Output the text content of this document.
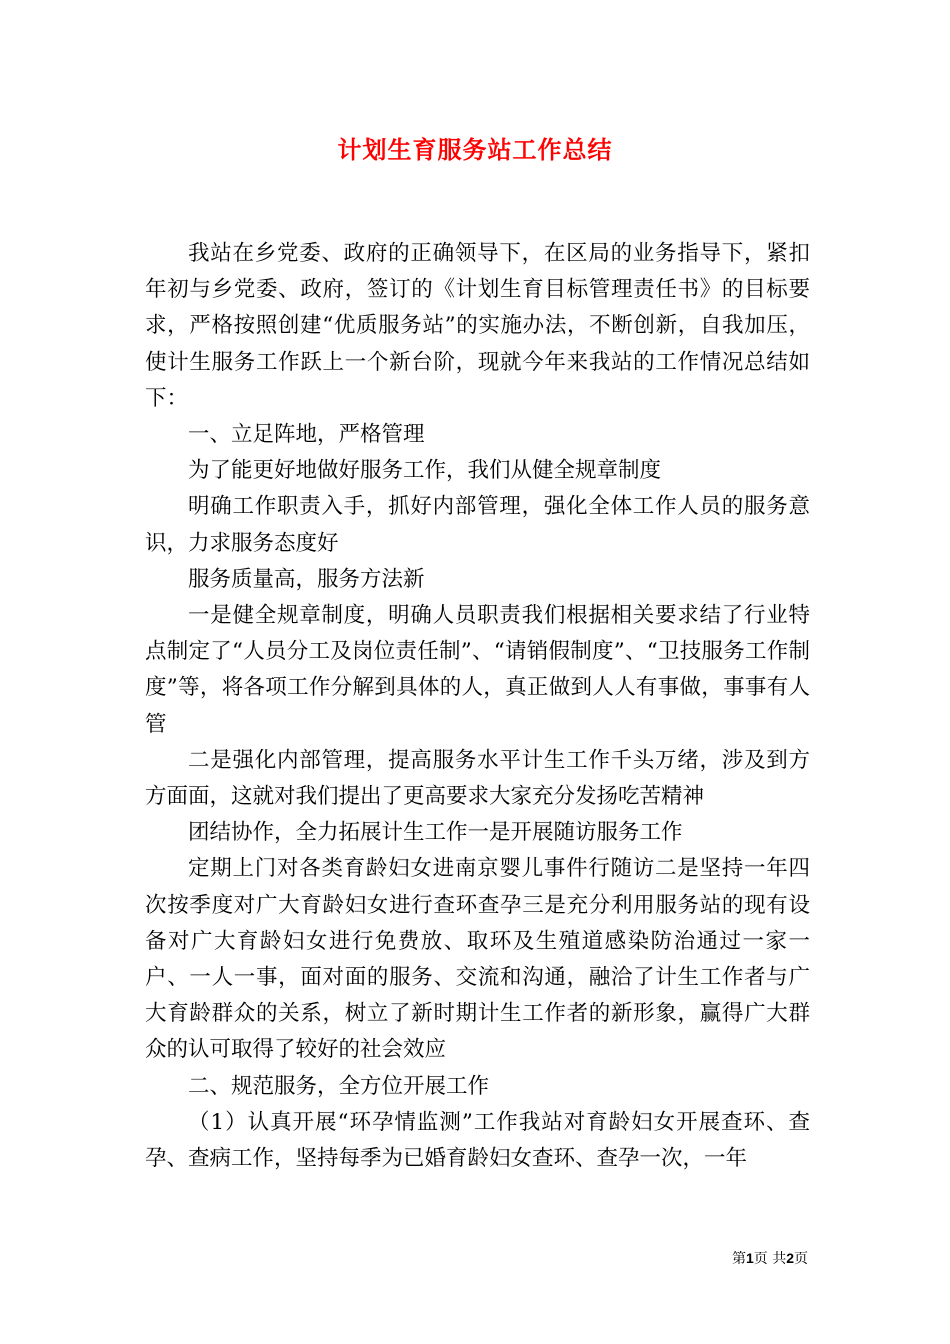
计划生育服务站工作总结

我站在乡党委、政府的正确领导下，在区局的业务指导下，紧扣年初与乡党委、政府，签订的《计划生育目标管理责任书》的目标要求，严格按照创建“优质服务站”的实施办法，不断创新，自我加压，使计生服务工作跃上一个新台阶，现就今年来我站的工作情况总结如下：

一、立足阵地，严格管理

为了能更好地做好服务工作，我们从健全规章制度

明确工作职责入手，抓好内部管理，强化全体工作人员的服务意识，力求服务态度好

服务质量高，服务方法新

一是健全规章制度，明确人员职责我们根据相关要求结了行业特点制定了“人员分工及岗位责任制”、“请销假制度”、“卫技服务工作制度”等，将各项工作分解到具体的人，真正做到人人有事做，事事有人管

二是强化内部管理，提高服务水平计生工作千头万绪，涉及到方方面面，这就对我们提出了更高要求大家充分发扬吃苦精神

团结协作，全力拓展计生工作一是开展随访服务工作

定期上门对各类育龄妇女进南京婴儿事件行随访二是坚持一年四次按季度对广大育龄妇女进行查环查孕三是充分利用服务站的现有设备对广大育龄妇女进行免费放、取环及生殖道感染防治通过一家一户、一人一事，面对面的服务、交流和沟通，融洽了计生工作者与广大育龄群众的关系，树立了新时期计生工作者的新形象，赢得广大群众的认可取得了较好的社会效应

二、规范服务，全方位开展工作

（1）认真开展“环孕情监测”工作我站对育龄妇女开展查环、查孕、查病工作，坚持每季为已婚育龄妇女查环、查孕一次，一年

第1页 共2页
